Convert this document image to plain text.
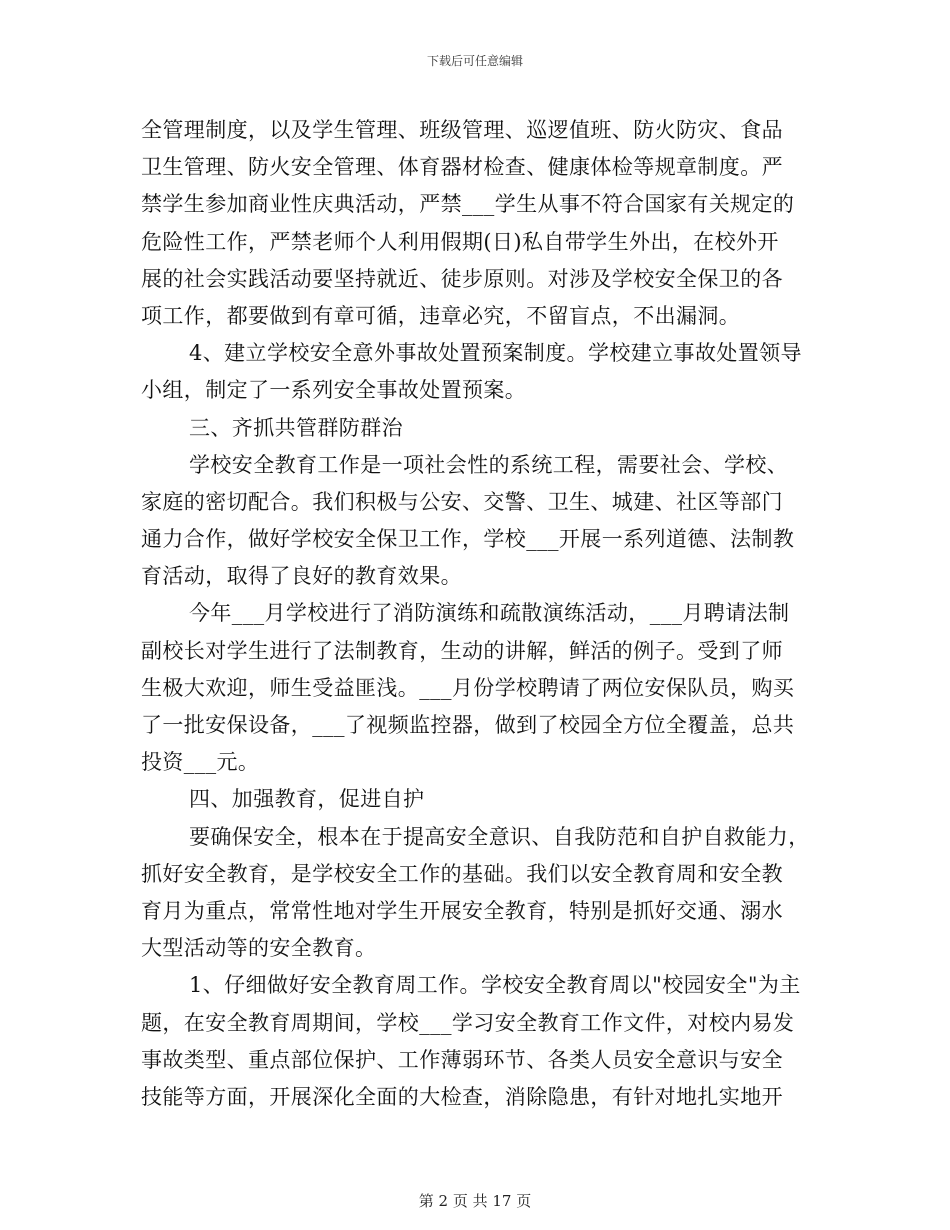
下载后可任意编辑
全管理制度，以及学生管理、班级管理、巡逻值班、防火防灾、食品
卫生管理、防火安全管理、体育器材检查、健康体检等规章制度。严
禁学生参加商业性庆典活动，严禁___学生从事不符合国家有关规定的
危险性工作，严禁老师个人利用假期(日)私自带学生外出，在校外开
展的社会实践活动要坚持就近、徒步原则。对涉及学校安全保卫的各
项工作，都要做到有章可循，违章必究，不留盲点，不出漏洞。
4、建立学校安全意外事故处置预案制度。学校建立事故处置领导
小组，制定了一系列安全事故处置预案。
三、齐抓共管群防群治
学校安全教育工作是一项社会性的系统工程，需要社会、学校、
家庭的密切配合。我们积极与公安、交警、卫生、城建、社区等部门
通力合作，做好学校安全保卫工作，学校___开展一系列道德、法制教
育活动，取得了良好的教育效果。
今年___月学校进行了消防演练和疏散演练活动，___月聘请法制
副校长对学生进行了法制教育，生动的讲解，鲜活的例子。受到了师
生极大欢迎，师生受益匪浅。___月份学校聘请了两位安保队员，购买
了一批安保设备，___了视频监控器，做到了校园全方位全覆盖，总共
投资___元。
四、加强教育，促进自护
要确保安全，根本在于提高安全意识、自我防范和自护自救能力，
抓好安全教育，是学校安全工作的基础。我们以安全教育周和安全教
育月为重点，常常性地对学生开展安全教育，特别是抓好交通、溺水
大型活动等的安全教育。
1、仔细做好安全教育周工作。学校安全教育周以"校园安全"为主
题，在安全教育周期间，学校___学习安全教育工作文件，对校内易发
事故类型、重点部位保护、工作薄弱环节、各类人员安全意识与安全
技能等方面，开展深化全面的大检查，消除隐患，有针对地扎实地开
第 2 页 共 17 页
